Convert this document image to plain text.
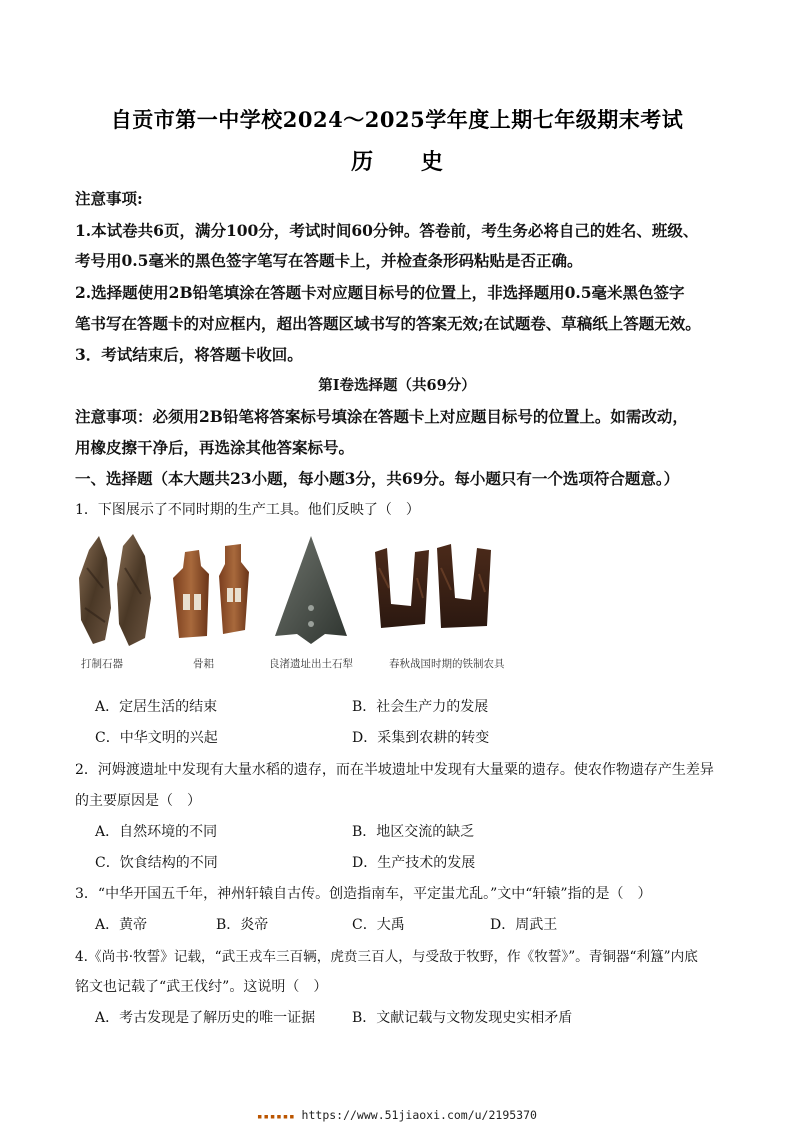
自贡市第一中学校2024～2025学年度上期七年级期末考试
历 史
注意事项:
1.本试卷共6页，满分100分，考试时间60分钟。答卷前，考生务必将自己的姓名、班级、
考号用0.5毫米的黑色签字笔写在答题卡上，并检查条形码粘贴是否正确。
2.选择题使用2B铅笔填涂在答题卡对应题目标号的位置上，非选择题用0.5毫米黑色签字
笔书写在答题卡的对应框内，超出答题区域书写的答案无效;在试题卷、草稿纸上答题无效。
3．考试结束后，将答题卡收回。
第Ⅰ卷选择题（共69分）
注意事项：必须用2B铅笔将答案标号填涂在答题卡上对应题目标号的位置上。如需改动，
用橡皮擦干净后，再选涂其他答案标号。
一、选择题（本大题共23小题，每小题3分，共69分。每小题只有一个选项符合题意。）
1．下图展示了不同时期的生产工具。他们反映了（　）
打制石器	骨耜	良渚遗址出土石犁	春秋战国时期的铁制农具
A．定居生活的结束	B．社会生产力的发展
C．中华文明的兴起	D．采集到农耕的转变
2．河姆渡遗址中发现有大量水稻的遗存，而在半坡遗址中发现有大量粟的遗存。使农作物遗存产生差异
的主要原因是（　）
A．自然环境的不同	B．地区交流的缺乏
C．饮食结构的不同	D．生产技术的发展
3．“中华开国五千年，神州轩辕自古传。创造指南车，平定蚩尤乱。”文中“轩辕”指的是（　）
A．黄帝	B．炎帝	C．大禹	D．周武王
4.《尚书·牧誓》记载，“武王戎车三百辆，虎贲三百人，与受敌于牧野，作《牧誓》”。青铜器“利簋”内底
铭文也记载了“武王伐纣”。这说明（　）
A．考古发现是了解历史的唯一证据	B．文献记载与文物发现史实相矛盾
▪▪▪▪▪▪ https://www.51jiaoxi.com/u/2195370
